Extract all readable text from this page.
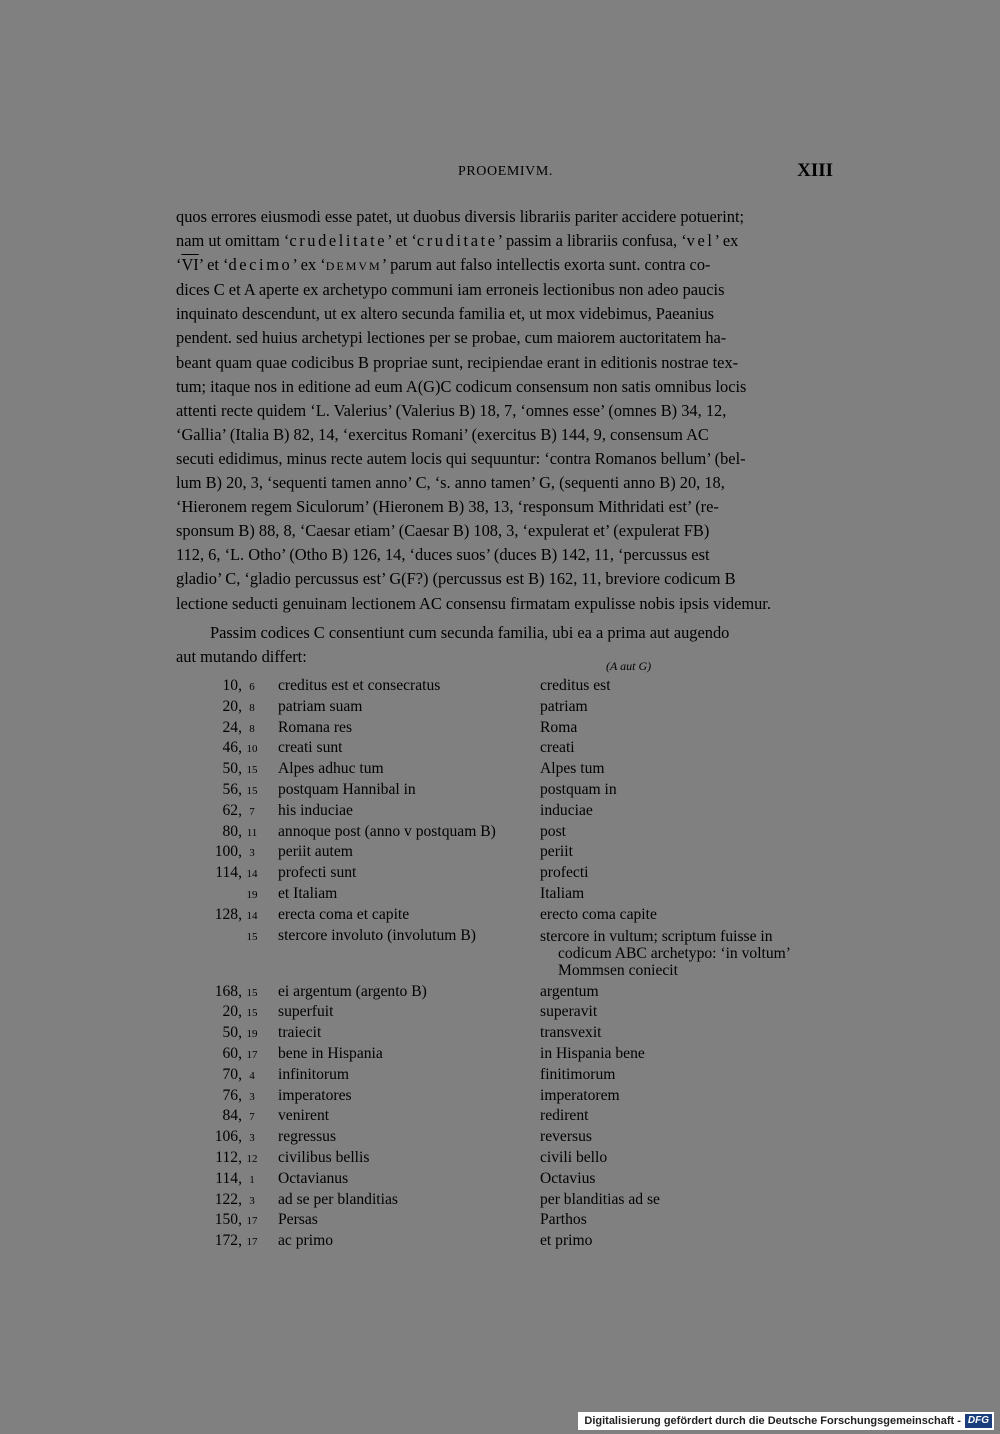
PROOEMIVM.	XIII
quos errores eiusmodi esse patet, ut duobus diversis librariis pariter accidere potuerint;
nam ut omittam ‘crudelitate’ et ‘cruditate’ passim a librariis confusa, ‘vel’ ex
‘$\overline{VI}$’ et ‘decimo’ ex ‘DEMVM’ parum aut falso intellectis exorta sunt. contra co-
dices C et A aperte ex archetypo communi iam erroneis lectionibus non adeo paucis
inquinato descendunt, ut ex altero secunda familia et, ut mox videbimus, Paeanius
pendent. sed huius archetypi lectiones per se probae, cum maiorem auctoritatem ha-
beant quam quae codicibus B propriae sunt, recipiendae erant in editionis nostrae tex-
tum; itaque nos in editione ad eum A(G)C codicum consensum non satis omnibus locis
attenti recte quidem ‘L. Valerius’ (Valerius B) 18, 7, ‘omnes esse’ (omnes B) 34, 12,
‘Gallia’ (Italia B) 82, 14, ‘exercitus Romani’ (exercitus B) 144, 9, consensum AC
secuti edidimus, minus recte autem locis qui sequuntur: ‘contra Romanos bellum’ (bel-
lum B) 20, 3, ‘sequenti tamen anno’ C, ‘s. anno tamen’ G, (sequenti anno B) 20, 18,
‘Hieronem regem Siculorum’ (Hieronem B) 38, 13, ‘responsum Mithridati est’ (re-
sponsum B) 88, 8, ‘Caesar etiam’ (Caesar B) 108, 3, ‘expulerat et’ (expulerat FB)
112, 6, ‘L. Otho’ (Otho B) 126, 14, ‘duces suos’ (duces B) 142, 11, ‘percussus est
gladio’ C, ‘gladio percussus est’ G(F?) (percussus est B) 162, 11, breviore codicum B
lectione seducti genuinam lectionem AC consensu firmatam expulisse nobis ipsis videmur.
Passim codices C consentiunt cum secunda familia, ubi ea a prima aut augendo
aut mutando differt:	(A aut G)
10, 6	creditus est et consecratus	creditus est
20, 8	patriam suam	patriam
24, 8	Romana res	Roma
46, 10 creati sunt	creati
50, 15 Alpes adhuc tum	Alpes tum
56, 15 postquam Hannibal in	postquam in
62, 7	his induciae	induciae
80, 11	annoque post (anno v postquam B)	post
100, 3	periit autem	periit
114, 14 profecti sunt	profecti
19 et Italiam	Italiam
128, 14 erecta coma et capite	erecto coma capite
15 stercore involuto (involutum B)	stercore in vultum; scriptum fuisse in
codicum ABC archetypo: ‘in voltum’
Mommsen coniecit
168, 15 ei argentum (argento B)	argentum
20, 15 superfuit	superavit
50, 19 traiecit	transvexit
60, 17 bene in Hispania	in Hispania bene
70, 4	infinitorum	finitimorum
76, 3	imperatores	imperatorem
84, 7	venirent	redirent
106, 3	regressus	reversus
112, 12 civilibus bellis	civili bello
114, 1	Octavianus	Octavius
122, 3	ad se per blanditias	per blanditias ad se
150, 17 Persas	Parthos
172, 17 ac primo	et primo
Digitalisierung gefördert durch die Deutsche Forschungsgemeinschaft - DFG
